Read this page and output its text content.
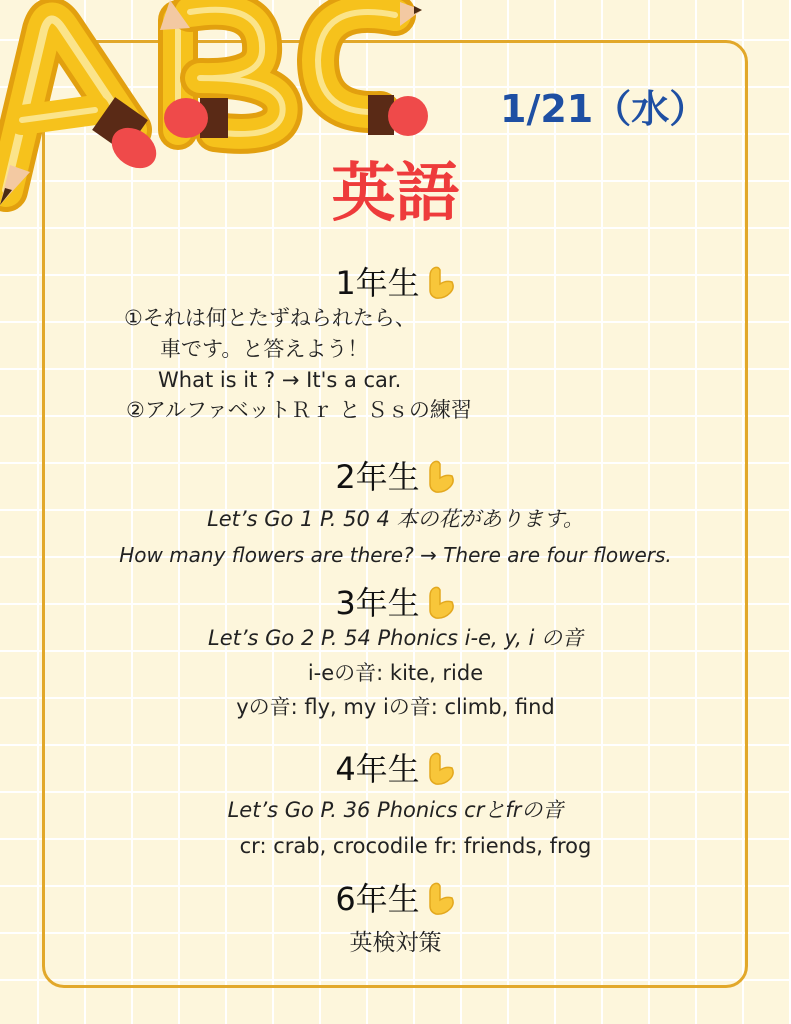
1/21（水）
英語
1年生
①それは何とたずねられたら、
車です。と答えよう！
What is it ? → It's a car.
②アルファベットＲｒ と Ｓｓの練習
2年生
Let’s Go 1 P. 50 4 本の花があります。
How many flowers are there? → There are four flowers.
3年生
Let’s Go 2 P. 54 Phonics i-e, y, i の音
i-eの音: kite, ride
yの音: fly, my iの音: climb, find
4年生
Let’s Go P. 36 Phonics crとfrの音
cr: crab, crocodile fr: friends, frog
6年生
英検対策
